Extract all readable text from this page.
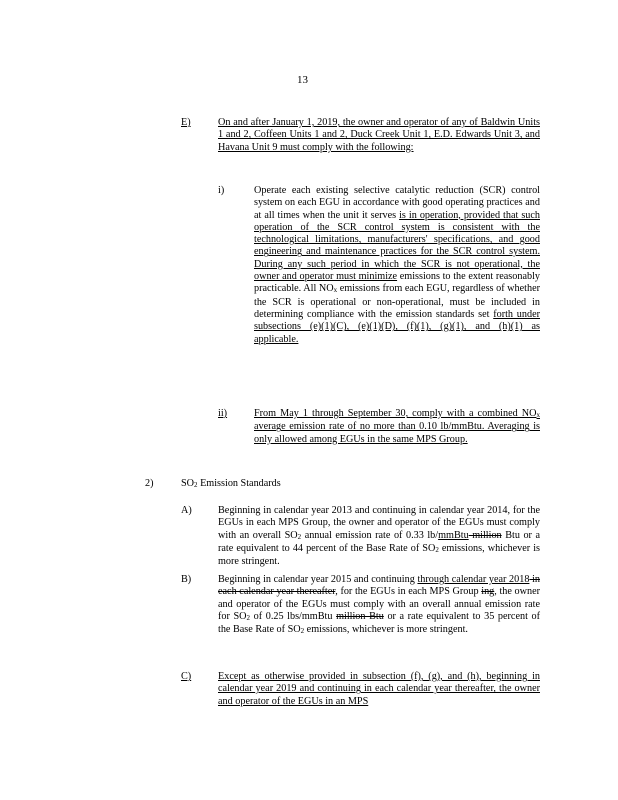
13
E)	On and after January 1, 2019, the owner and operator of any of Baldwin Units 1 and 2, Coffeen Units 1 and 2, Duck Creek Unit 1, E.D. Edwards Unit 3, and Havana Unit 9 must comply with the following:
i)	Operate each existing selective catalytic reduction (SCR) control system on each EGU in accordance with good operating practices and at all times when the unit it serves is in operation, provided that such operation of the SCR control system is consistent with the technological limitations, manufacturers' specifications, and good engineering and maintenance practices for the SCR control system. During any such period in which the SCR is not operational, the owner and operator must minimize emissions to the extent reasonably practicable. All $NO_x$ emissions from each EGU, regardless of whether the SCR is operational or non-operational, must be included in determining compliance with the emission standards set forth under subsections (e)(1)(C), (e)(1)(D), (f)(1), (g)(1), and (h)(1) as applicable.
ii)	From May 1 through September 30, comply with a combined $NO_x$ average emission rate of no more than 0.10 lb/mmBtu. Averaging is only allowed among EGUs in the same MPS Group.
2)	$SO_2$ Emission Standards
A)	Beginning in calendar year 2013 and continuing in calendar year 2014, for the EGUs in each MPS Group, the owner and operator of the EGUs must comply with an overall $SO_2$ annual emission rate of 0.33 lb/mmBtu million Btu or a rate equivalent to 44 percent of the Base Rate of $SO_2$ emissions, whichever is more stringent.
B)	Beginning in calendar year 2015 and continuing through calendar year 2018 in each calendar year thereafter, for the EGUs in each MPS Group ing, the owner and operator of the EGUs must comply with an overall annual emission rate for $SO_2$ of 0.25 lbs/mmBtu million Btu or a rate equivalent to 35 percent of the Base Rate of $SO_2$ emissions, whichever is more stringent.
C)	Except as otherwise provided in subsection (f), (g), and (h), beginning in calendar year 2019 and continuing in each calendar year thereafter, the owner and operator of the EGUs in an MPS
